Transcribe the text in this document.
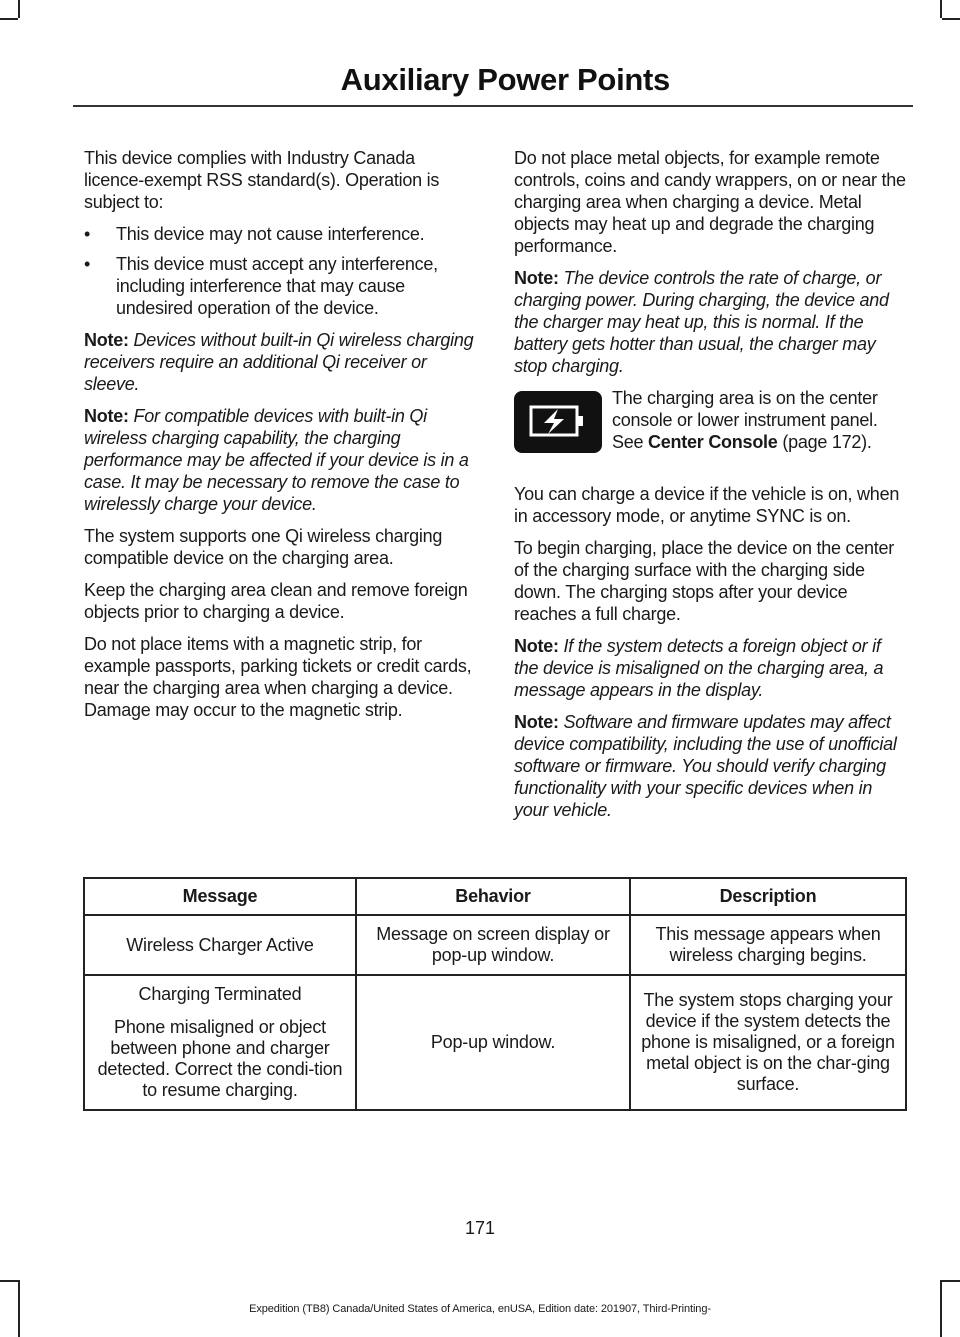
Auxiliary Power Points

This device complies with Industry Canada licence-exempt RSS standard(s). Operation is subject to:

• This device may not cause interference.
• This device must accept any interference, including interference that may cause undesired operation of the device.

Note: Devices without built-in Qi wireless charging receivers require an additional Qi receiver or sleeve.

Note: For compatible devices with built-in Qi wireless charging capability, the charging performance may be affected if your device is in a case. It may be necessary to remove the case to wirelessly charge your device.

The system supports one Qi wireless charging compatible device on the charging area.

Keep the charging area clean and remove foreign objects prior to charging a device.

Do not place items with a magnetic strip, for example passports, parking tickets or credit cards, near the charging area when charging a device. Damage may occur to the magnetic strip.

Do not place metal objects, for example remote controls, coins and candy wrappers, on or near the charging area when charging a device. Metal objects may heat up and degrade the charging performance.

Note: The device controls the rate of charge, or charging power. During charging, the device and the charger may heat up, this is normal. If the battery gets hotter than usual, the charger may stop charging.

The charging area is on the center console or lower instrument panel. See Center Console (page 172).

You can charge a device if the vehicle is on, when in accessory mode, or anytime SYNC is on.

To begin charging, place the device on the center of the charging surface with the charging side down. The charging stops after your device reaches a full charge.

Note: If the system detects a foreign object or if the device is misaligned on the charging area, a message appears in the display.

Note: Software and firmware updates may affect device compatibility, including the use of unofficial software or firmware. You should verify charging functionality with your specific devices when in your vehicle.

Message	Behavior	Description

Wireless Charger Active	Message on screen display or pop-up window.	This message appears when wireless charging begins.

Charging Terminated

Phone misaligned or object between phone and charger detected. Correct the condi-tion to resume charging.	Pop-up window.	The system stops charging your device if the system detects the phone is misaligned, or a foreign metal object is on the char-ging surface.
171
Expedition (TB8) Canada/United States of America, enUSA, Edition date: 201907, Third-Printing-
